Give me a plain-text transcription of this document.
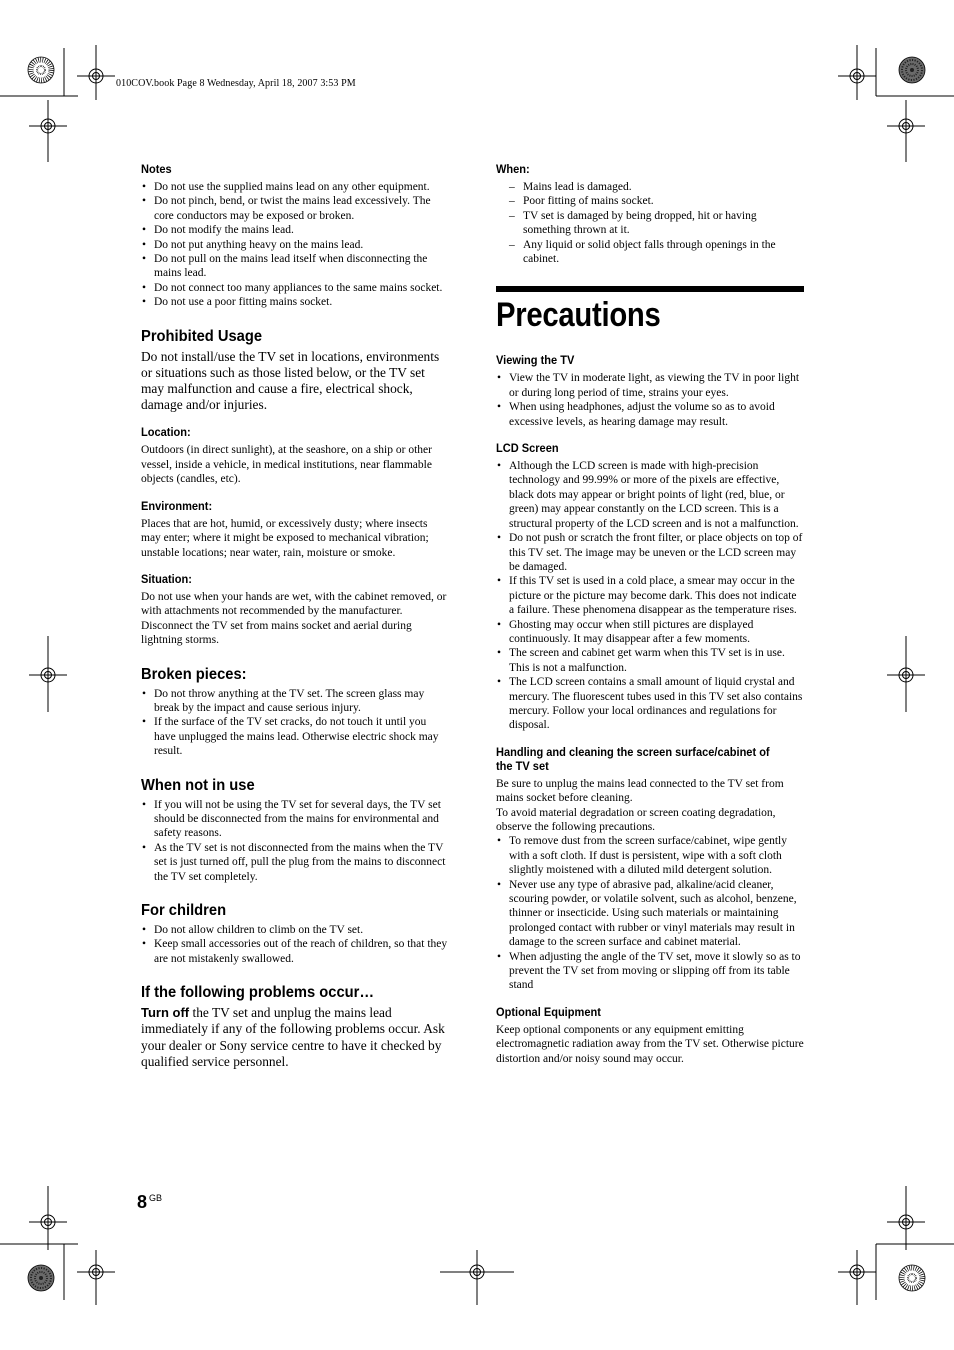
010COV.book Page 8 Wednesday, April 18, 2007 3:53 PM
Notes
• Do not use the supplied mains lead on any other equipment.
• Do not pinch, bend, or twist the mains lead excessively. The core conductors may be exposed or broken.
• Do not modify the mains lead.
• Do not put anything heavy on the mains lead.
• Do not pull on the mains lead itself when disconnecting the mains lead.
• Do not connect too many appliances to the same mains socket.
• Do not use a poor fitting mains socket.
Prohibited Usage

Do not install/use the TV set in locations, environments or situations such as those listed below, or the TV set may malfunction and cause a fire, electrical shock, damage and/or injuries.

Location:

Outdoors (in direct sunlight), at the seashore, on a ship or other vessel, inside a vehicle, in medical institutions, near flammable objects (candles, etc).

Environment:

Places that are hot, humid, or excessively dusty; where insects may enter; where it might be exposed to mechanical vibration; unstable locations; near water, rain, moisture or smoke.

Situation:

Do not use when your hands are wet, with the cabinet removed, or with attachments not recommended by the manufacturer. Disconnect the TV set from mains socket and aerial during lightning storms.

Broken pieces:
• Do not throw anything at the TV set. The screen glass may break by the impact and cause serious injury.
• If the surface of the TV set cracks, do not touch it until you have unplugged the mains lead. Otherwise electric shock may result.
When not in use
• If you will not be using the TV set for several days, the TV set should be disconnected from the mains for environmental and safety reasons.
• As the TV set is not disconnected from the mains when the TV set is just turned off, pull the plug from the mains to disconnect the TV set completely.
For children
• Do not allow children to climb on the TV set.
• Keep small accessories out of the reach of children, so that they are not mistakenly swallowed.
If the following problems occur…

Turn off the TV set and unplug the mains lead immediately if any of the following problems occur. Ask your dealer or Sony service centre to have it checked by qualified service personnel.

When:
– Mains lead is damaged.
– Poor fitting of mains socket.
– TV set is damaged by being dropped, hit or having something thrown at it.
– Any liquid or solid object falls through openings in the cabinet.
Precautions
Viewing the TV
• View the TV in moderate light, as viewing the TV in poor light or during long period of time, strains your eyes.
• When using headphones, adjust the volume so as to avoid excessive levels, as hearing damage may result.
LCD Screen
• Although the LCD screen is made with high-precision technology and 99.99% or more of the pixels are effective, black dots may appear or bright points of light (red, blue, or green) may appear constantly on the LCD screen. This is a structural property of the LCD screen and is not a malfunction.
• Do not push or scratch the front filter, or place objects on top of this TV set. The image may be uneven or the LCD screen may be damaged.
• If this TV set is used in a cold place, a smear may occur in the picture or the picture may become dark. This does not indicate a failure. These phenomena disappear as the temperature rises.
• Ghosting may occur when still pictures are displayed continuously. It may disappear after a few moments.
• The screen and cabinet get warm when this TV set is in use. This is not a malfunction.
• The LCD screen contains a small amount of liquid crystal and mercury. The fluorescent tubes used in this TV set also contains mercury. Follow your local ordinances and regulations for disposal.
Handling and cleaning the screen surface/cabinet of the TV set

Be sure to unplug the mains lead connected to the TV set from mains socket before cleaning.

To avoid material degradation or screen coating degradation, observe the following precautions.

• To remove dust from the screen surface/cabinet, wipe gently with a soft cloth. If dust is persistent, wipe with a soft cloth slightly moistened with a diluted mild detergent solution.
• Never use any type of abrasive pad, alkaline/acid cleaner, scouring powder, or volatile solvent, such as alcohol, benzene, thinner or insecticide. Using such materials or maintaining prolonged contact with rubber or vinyl materials may result in damage to the screen surface and cabinet material.
• When adjusting the angle of the TV set, move it slowly so as to prevent the TV set from moving or slipping off from its table stand
Optional Equipment

Keep optional components or any equipment emitting electromagnetic radiation away from the TV set. Otherwise picture distortion and/or noisy sound may occur.

8 $^{GB}$
